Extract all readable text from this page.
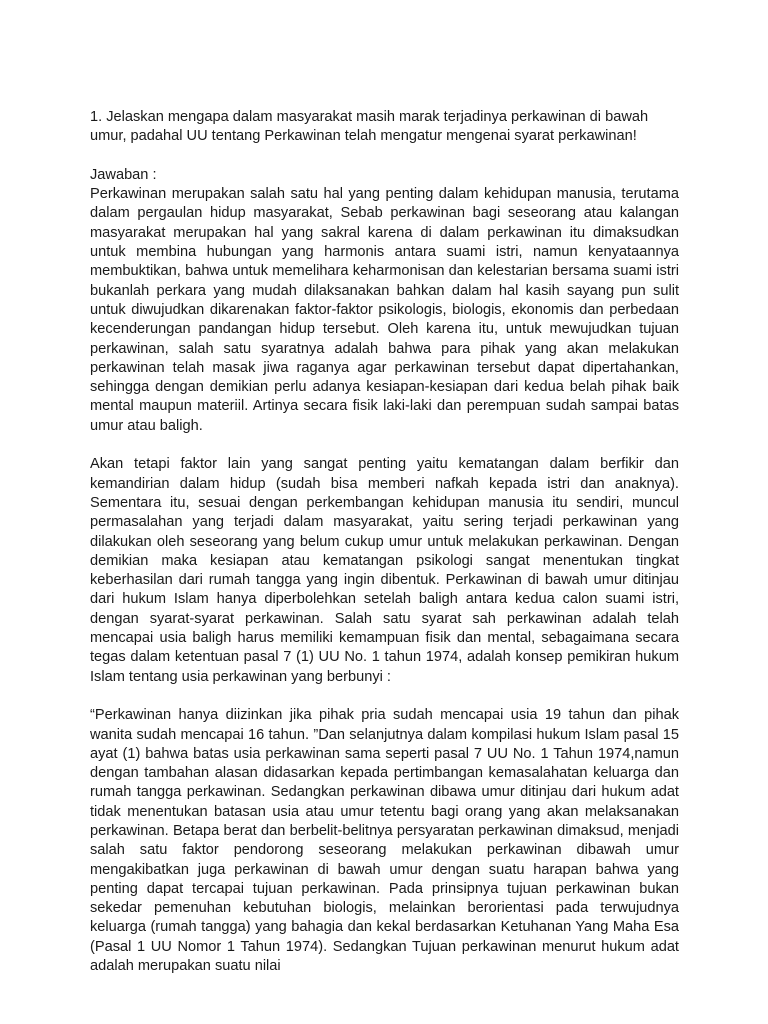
1. Jelaskan mengapa dalam masyarakat masih marak terjadinya perkawinan di bawah umur, padahal UU tentang Perkawinan telah mengatur mengenai syarat perkawinan!

Jawaban :

Perkawinan merupakan salah satu hal yang penting dalam kehidupan manusia, terutama dalam pergaulan hidup masyarakat, Sebab perkawinan bagi seseorang atau kalangan masyarakat merupakan hal yang sakral karena di dalam perkawinan itu dimaksudkan untuk membina hubungan yang harmonis antara suami istri, namun kenyataannya membuktikan, bahwa untuk memelihara keharmonisan dan kelestarian bersama suami istri bukanlah perkara yang mudah dilaksanakan bahkan dalam hal kasih sayang pun sulit untuk diwujudkan dikarenakan faktor-faktor psikologis, biologis, ekonomis dan perbedaan kecenderungan pandangan hidup tersebut. Oleh karena itu, untuk mewujudkan tujuan perkawinan, salah satu syaratnya adalah bahwa para pihak yang akan melakukan perkawinan telah masak jiwa raganya agar perkawinan tersebut dapat dipertahankan, sehingga dengan demikian perlu adanya kesiapan-kesiapan dari kedua belah pihak baik mental maupun materiil. Artinya secara fisik laki-laki dan perempuan sudah sampai batas umur atau baligh.

Akan tetapi faktor lain yang sangat penting yaitu kematangan dalam berfikir dan kemandirian dalam hidup (sudah bisa memberi nafkah kepada istri dan anaknya). Sementara itu, sesuai dengan perkembangan kehidupan manusia itu sendiri, muncul permasalahan yang terjadi dalam masyarakat, yaitu sering terjadi perkawinan yang dilakukan oleh seseorang yang belum cukup umur untuk melakukan perkawinan. Dengan demikian maka kesiapan atau kematangan psikologi sangat menentukan tingkat keberhasilan dari rumah tangga yang ingin dibentuk. Perkawinan di bawah umur ditinjau dari hukum Islam hanya diperbolehkan setelah baligh antara kedua calon suami istri, dengan syarat-syarat perkawinan. Salah satu syarat sah perkawinan adalah telah mencapai usia baligh harus memiliki kemampuan fisik dan mental, sebagaimana secara tegas dalam ketentuan pasal 7 (1) UU No. 1 tahun 1974, adalah konsep pemikiran hukum Islam tentang usia perkawinan yang berbunyi :

“Perkawinan hanya diizinkan jika pihak pria sudah mencapai usia 19 tahun dan pihak wanita sudah mencapai 16 tahun. ”Dan selanjutnya dalam kompilasi hukum Islam pasal 15 ayat (1) bahwa batas usia perkawinan sama seperti pasal 7 UU No. 1 Tahun 1974,namun dengan tambahan alasan didasarkan kepada pertimbangan kemasalahatan keluarga dan rumah tangga perkawinan. Sedangkan perkawinan dibawa umur ditinjau dari hukum adat tidak menentukan batasan usia atau umur tetentu bagi orang yang akan melaksanakan perkawinan. Betapa berat dan berbelit-belitnya persyaratan perkawinan dimaksud, menjadi salah satu faktor pendorong seseorang melakukan perkawinan dibawah umur mengakibatkan juga perkawinan di bawah umur dengan suatu harapan bahwa yang penting dapat tercapai tujuan perkawinan. Pada prinsipnya tujuan perkawinan bukan sekedar pemenuhan kebutuhan biologis, melainkan berorientasi pada terwujudnya keluarga (rumah tangga) yang bahagia dan kekal berdasarkan Ketuhanan Yang Maha Esa (Pasal 1 UU Nomor 1 Tahun 1974). Sedangkan Tujuan perkawinan menurut hukum adat adalah merupakan suatu nilai
